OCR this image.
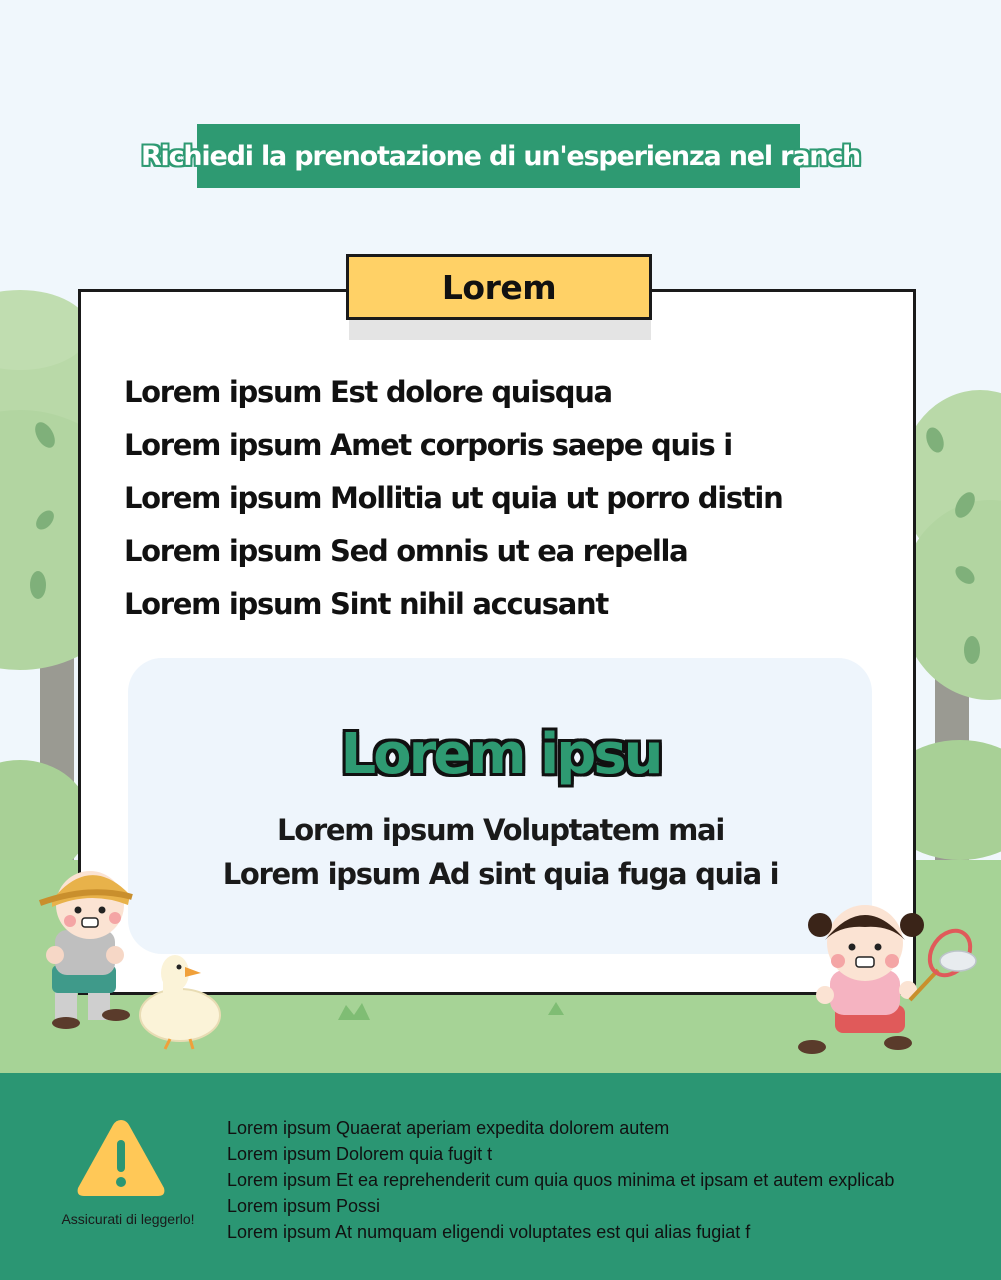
Richiedi la prenotazione di un'esperienza nel ranch
Lorem
Lorem ipsum Est dolore quisqua
Lorem ipsum Amet corporis saepe quis i
Lorem ipsum Mollitia ut quia ut porro distin
Lorem ipsum Sed omnis ut ea repella
Lorem ipsum Sint nihil accusant
Lorem ipsu
Lorem ipsum Voluptatem mai
Lorem ipsum Ad sint quia fuga quia i
Assicurati di leggerlo!
Lorem ipsum Quaerat aperiam expedita dolorem autem
Lorem ipsum Dolorem quia fugit t
Lorem ipsum Et ea reprehenderit cum quia quos minima et ipsam et autem explicab
Lorem ipsum Possi
Lorem ipsum At numquam eligendi voluptates est qui alias fugiat f
